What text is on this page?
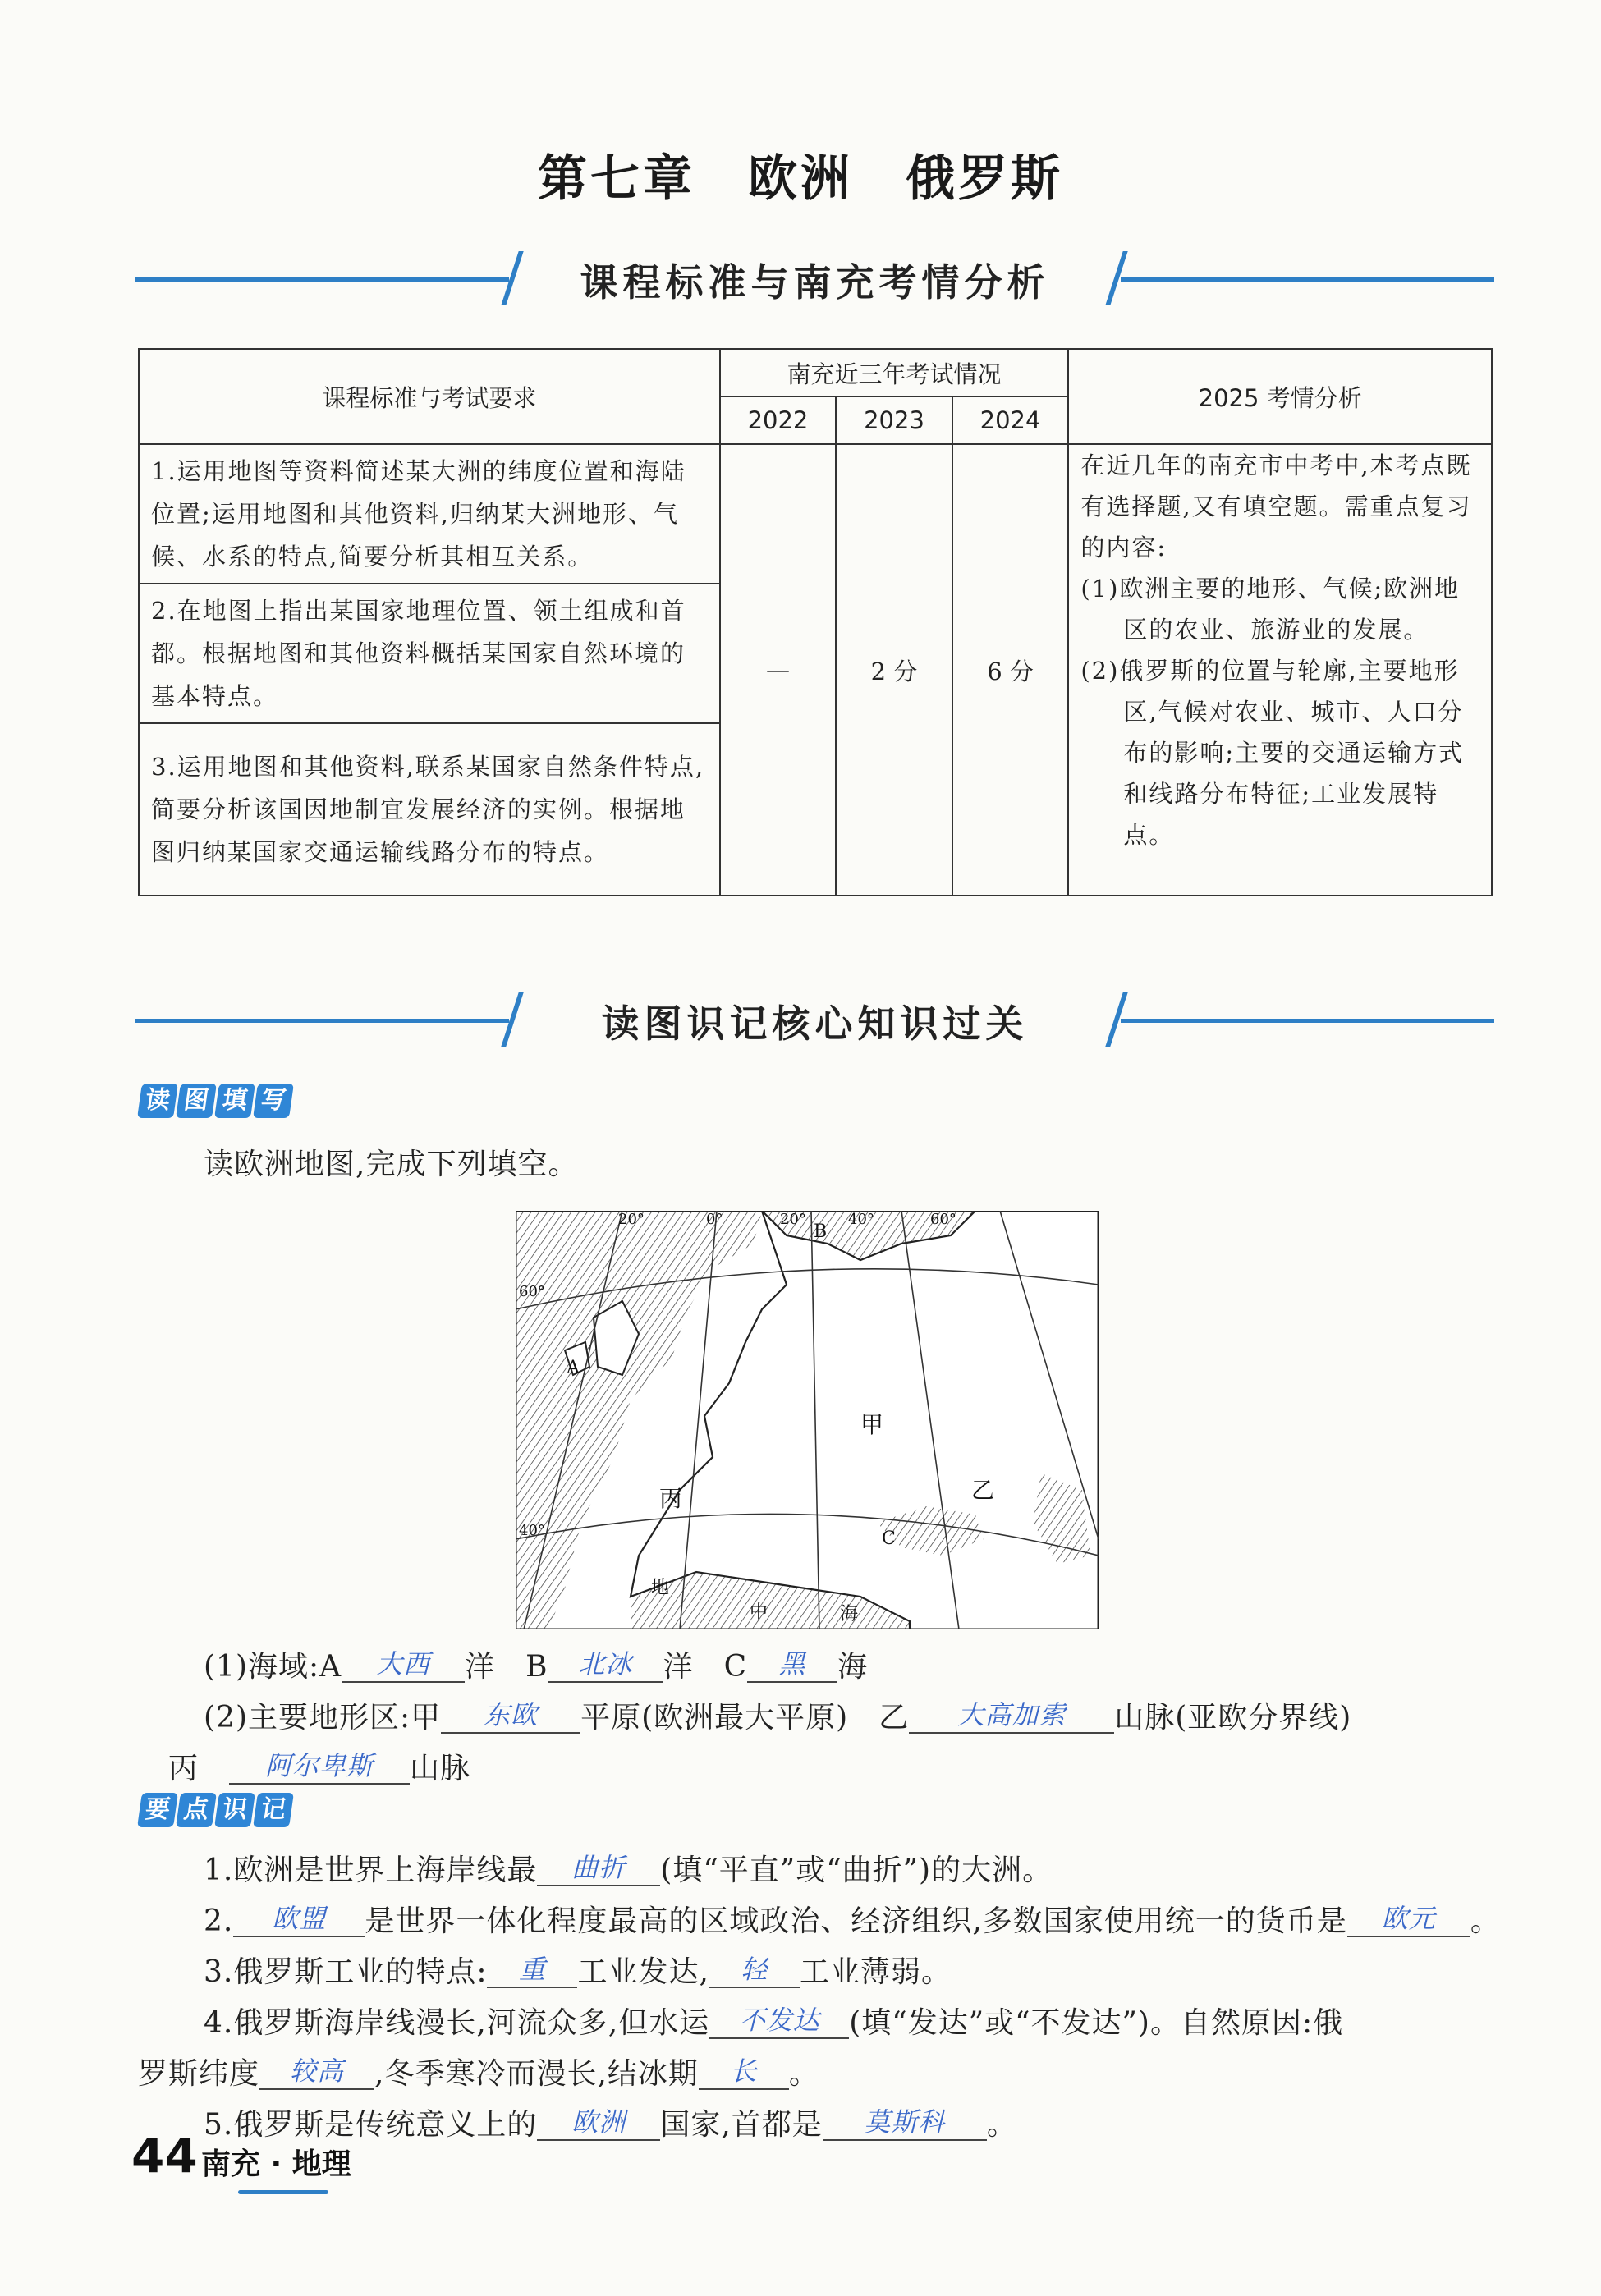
第七章　欧洲　俄罗斯
课程标准与南充考情分析
课程标准与考试要求	南充近三年考试情况			2025 考情分析
	2022	2023	2024	
1.运用地图等资料简述某大洲的纬度位置和海陆位置;运用地图和其他资料,归纳某大洲地形、气候、水系的特点,简要分析其相互关系。	—	2 分	6 分	在近几年的南充市中考中,本考点既有选择题,又有填空题。需重点复习的内容:
(1)欧洲主要的地形、气候;欧洲地区的农业、旅游业的发展。
(2)俄罗斯的位置与轮廓,主要地形区,气候对农业、城市、人口分布的影响;主要的交通运输方式和线路分布特征;工业发展特点。

2.在地图上指出某国家地理位置、领土组成和首都。根据地图和其他资料概括某国家自然环境的基本特点。				
3.运用地图和其他资料,联系某国家自然条件特点,简要分析该国因地制宜发展经济的实例。根据地图归纳某国家交通运输线路分布的特点。				
读图识记核心知识过关
读 图 填 写
读欧洲地图,完成下列填空。
20°	0°	20°	40°	60°
60°
40°
A
B
C
甲
乙
丙
地
中	海
(1)海域:A 大西 洋　B 北冰 洋　C 黑 海
(2)主要地形区:甲 东欧 平原(欧洲最大平原)　乙 大高加索 山脉(亚欧分界线)
丙　	阿尔卑斯 山脉
要 点 识 记
1.欧洲是世界上海岸线最 曲折 (填“平直”或“曲折”)的大洲。
2. 欧盟 是世界一体化程度最高的区域政治、经济组织,多数国家使用统一的货币是 欧元 。
3.俄罗斯工业的特点: 重 工业发达, 轻 工业薄弱。
4.俄罗斯海岸线漫长,河流众多,但水运 不发达 (填“发达”或“不发达”)。自然原因:俄
罗斯纬度 较高 ,冬季寒冷而漫长,结冰期 长 。
5.俄罗斯是传统意义上的 欧洲 国家,首都是 莫斯科 。
44 南充 · 地理
